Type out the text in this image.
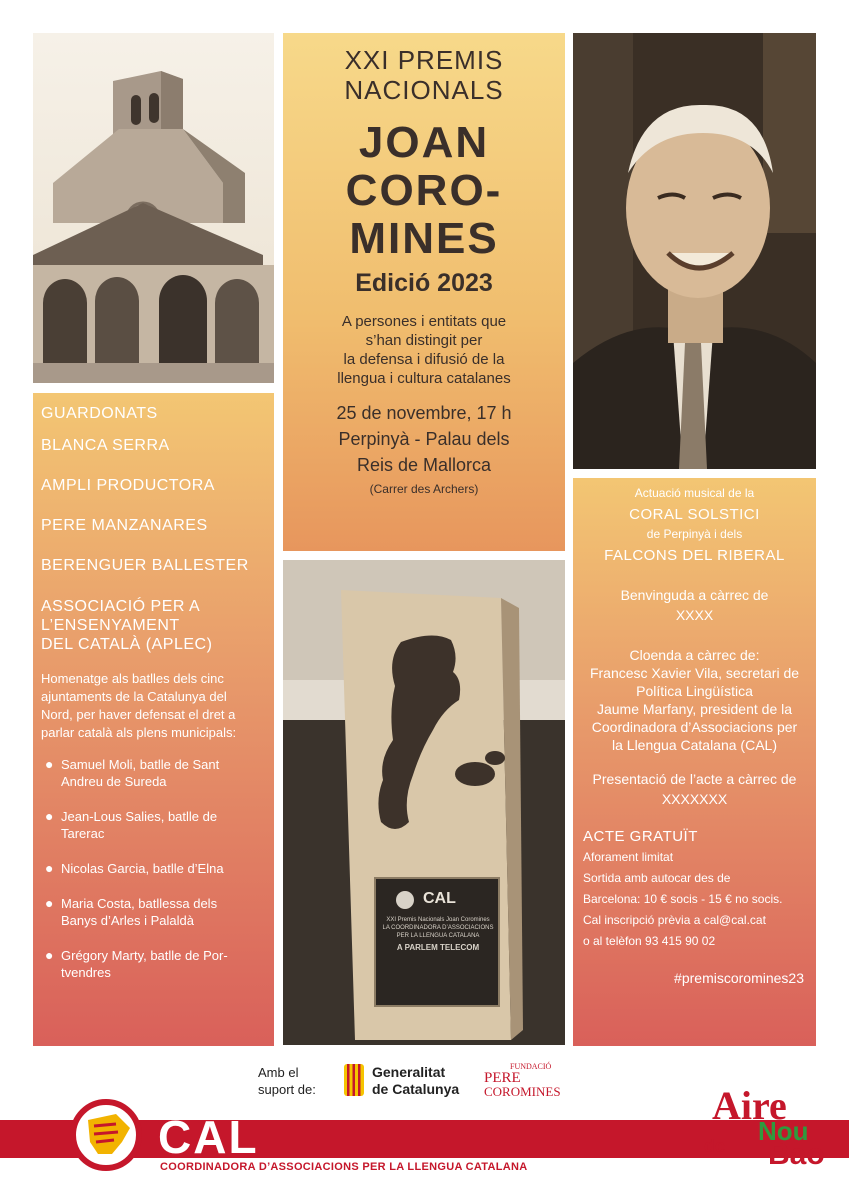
XXI PREMIS
NACIONALS
JOAN
CORO-
MINES
Edició 2023
A persones i entitats que
s’han distingit per
la defensa i difusió de la
llengua i cultura catalanes
25 de novembre, 17 h
Perpinyà - Palau dels
Reis de Mallorca
(Carrer des Archers)
GUARDONATS
BLANCA SERRA
AMPLI PRODUCTORA
PERE MANZANARES
BERENGUER BALLESTER
ASSOCIACIÓ PER A
L’ENSENYAMENT
DEL CATALÀ (APLEC)
Homenatge als batlles dels cinc
ajuntaments de la Catalunya del
Nord, per haver defensat el dret a
parlar català als plens municipals:
● Samuel Moli, batlle de Sant
Andreu de Sureda
● Jean-Lous Salies, batlle de
Tarerac
● Nicolas Garcia, batlle d’Elna
● Maria Costa, batllessa dels
Banys d’Arles i Palaldà
● Grégory Marty, batlle de Por-
tvendres
CAL
XXI Premis Nacionals Joan Coromines
LA COORDINADORA D’ASSOCIACIONS
PER LA LLENGUA CATALANA
A PARLEM TELECOM
Actuació musical de la
CORAL SOLSTICI
de Perpinyà i dels
FALCONS DEL RIBERAL
Benvinguda a càrrec de
XXXX
Cloenda a càrrec de:
Francesc Xavier Vila, secretari de
Política Lingüística
Jaume Marfany, president de la
Coordinadora d’Associacions per
la Llengua Catalana (CAL)
Presentació de l’acte a càrrec de
XXXXXXX
ACTE GRATUÏT
Aforament limitat
Sortida amb autocar des de
Barcelona: 10 € socis - 15 € no socis.
Cal inscripció prèvia a cal@cal.cat
o al telèfon 93 415 90 02
#premiscoromines23
Amb el
suport de:
Generalitat
de Catalunya
FUNDACIÓ
PERE
COROMINES
CAL
COORDINADORA D’ASSOCIACIONS PER LA LLENGUA CATALANA
Aire
Nou
de Bao
